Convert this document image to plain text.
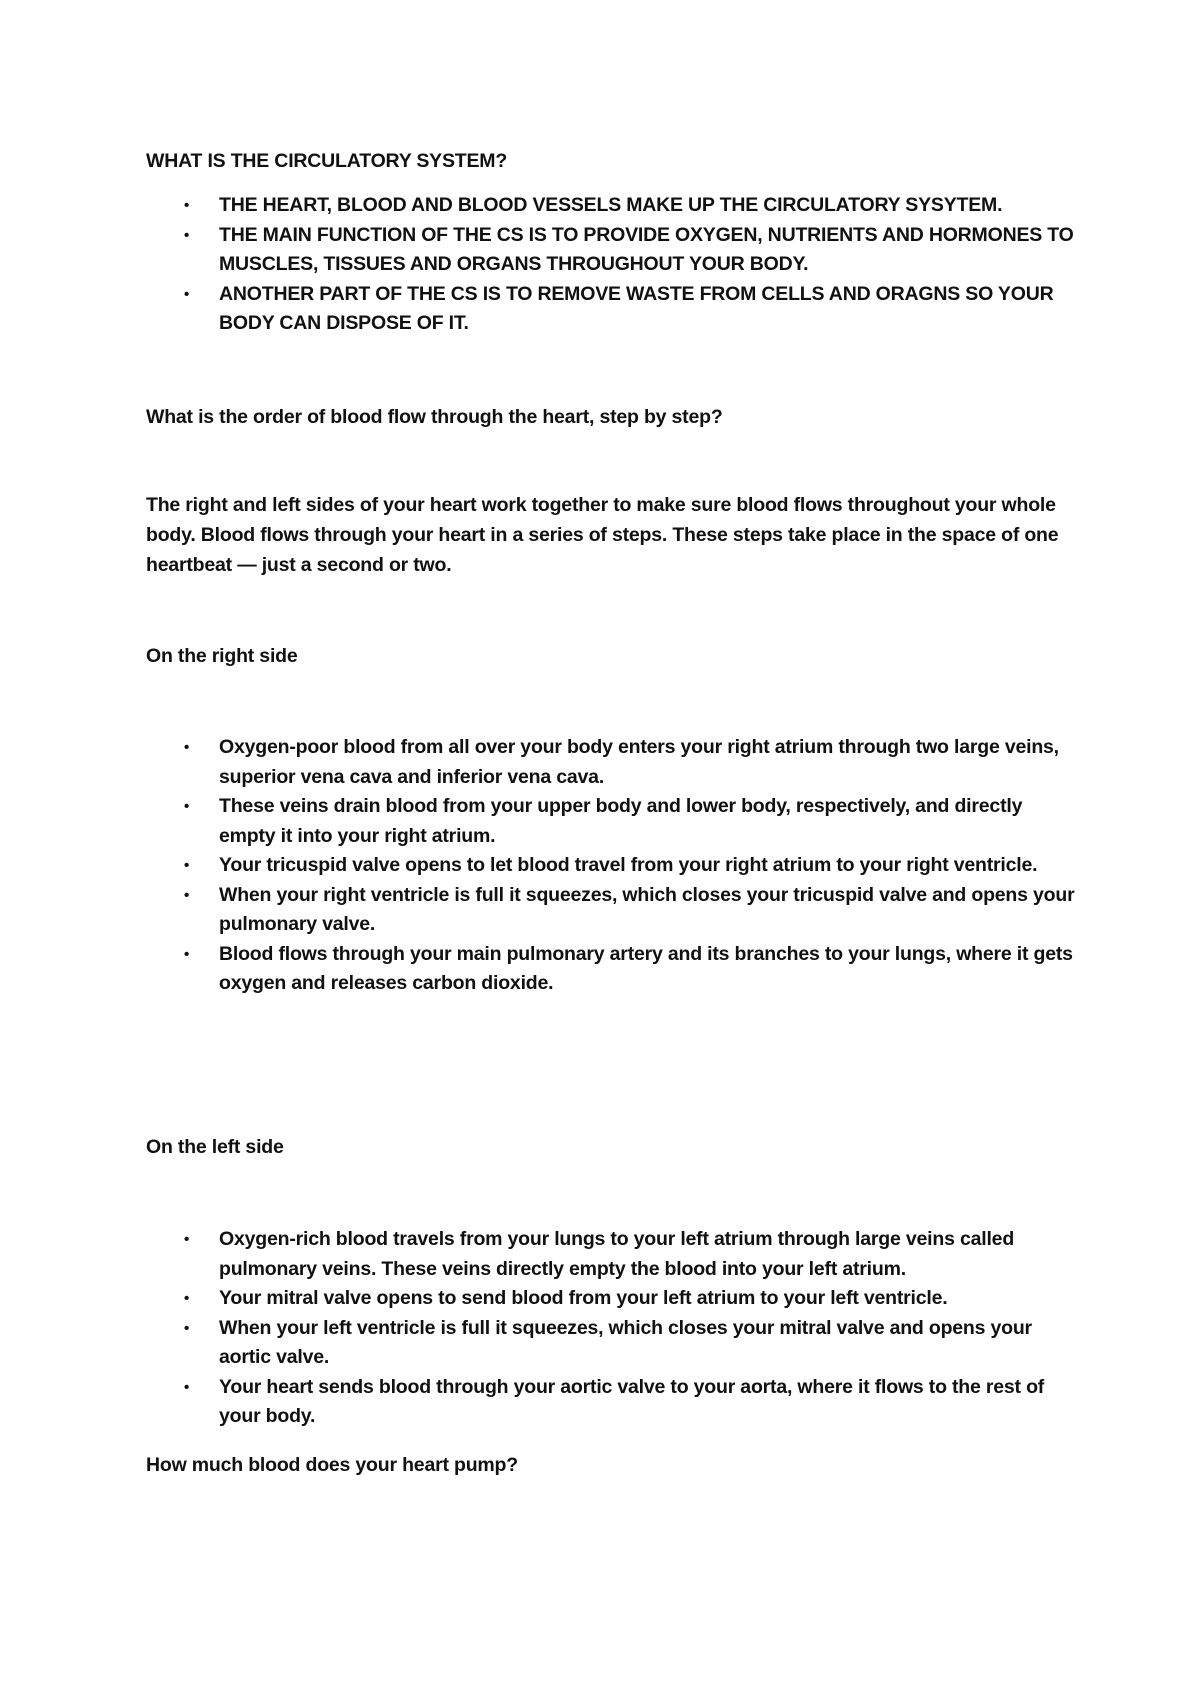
WHAT IS THE CIRCULATORY SYSTEM?

• THE HEART, BLOOD AND BLOOD VESSELS MAKE UP THE CIRCULATORY SYSYTEM.
• THE MAIN FUNCTION OF THE CS IS TO PROVIDE OXYGEN, NUTRIENTS AND HORMONES TO MUSCLES, TISSUES AND ORGANS THROUGHOUT YOUR BODY.
• ANOTHER PART OF THE CS IS TO REMOVE WASTE FROM CELLS AND ORAGNS SO YOUR BODY CAN DISPOSE OF IT.

What is the order of blood flow through the heart, step by step?

The right and left sides of your heart work together to make sure blood flows throughout your whole body. Blood flows through your heart in a series of steps. These steps take place in the space of one heartbeat — just a second or two.

On the right side

• Oxygen-poor blood from all over your body enters your right atrium through two large veins, superior vena cava and inferior vena cava.
• These veins drain blood from your upper body and lower body, respectively, and directly empty it into your right atrium.
• Your tricuspid valve opens to let blood travel from your right atrium to your right ventricle.
• When your right ventricle is full it squeezes, which closes your tricuspid valve and opens your pulmonary valve.
• Blood flows through your main pulmonary artery and its branches to your lungs, where it gets oxygen and releases carbon dioxide.

On the left side

• Oxygen-rich blood travels from your lungs to your left atrium through large veins called pulmonary veins. These veins directly empty the blood into your left atrium.
• Your mitral valve opens to send blood from your left atrium to your left ventricle.
• When your left ventricle is full it squeezes, which closes your mitral valve and opens your aortic valve.
• Your heart sends blood through your aortic valve to your aorta, where it flows to the rest of your body.

How much blood does your heart pump?
